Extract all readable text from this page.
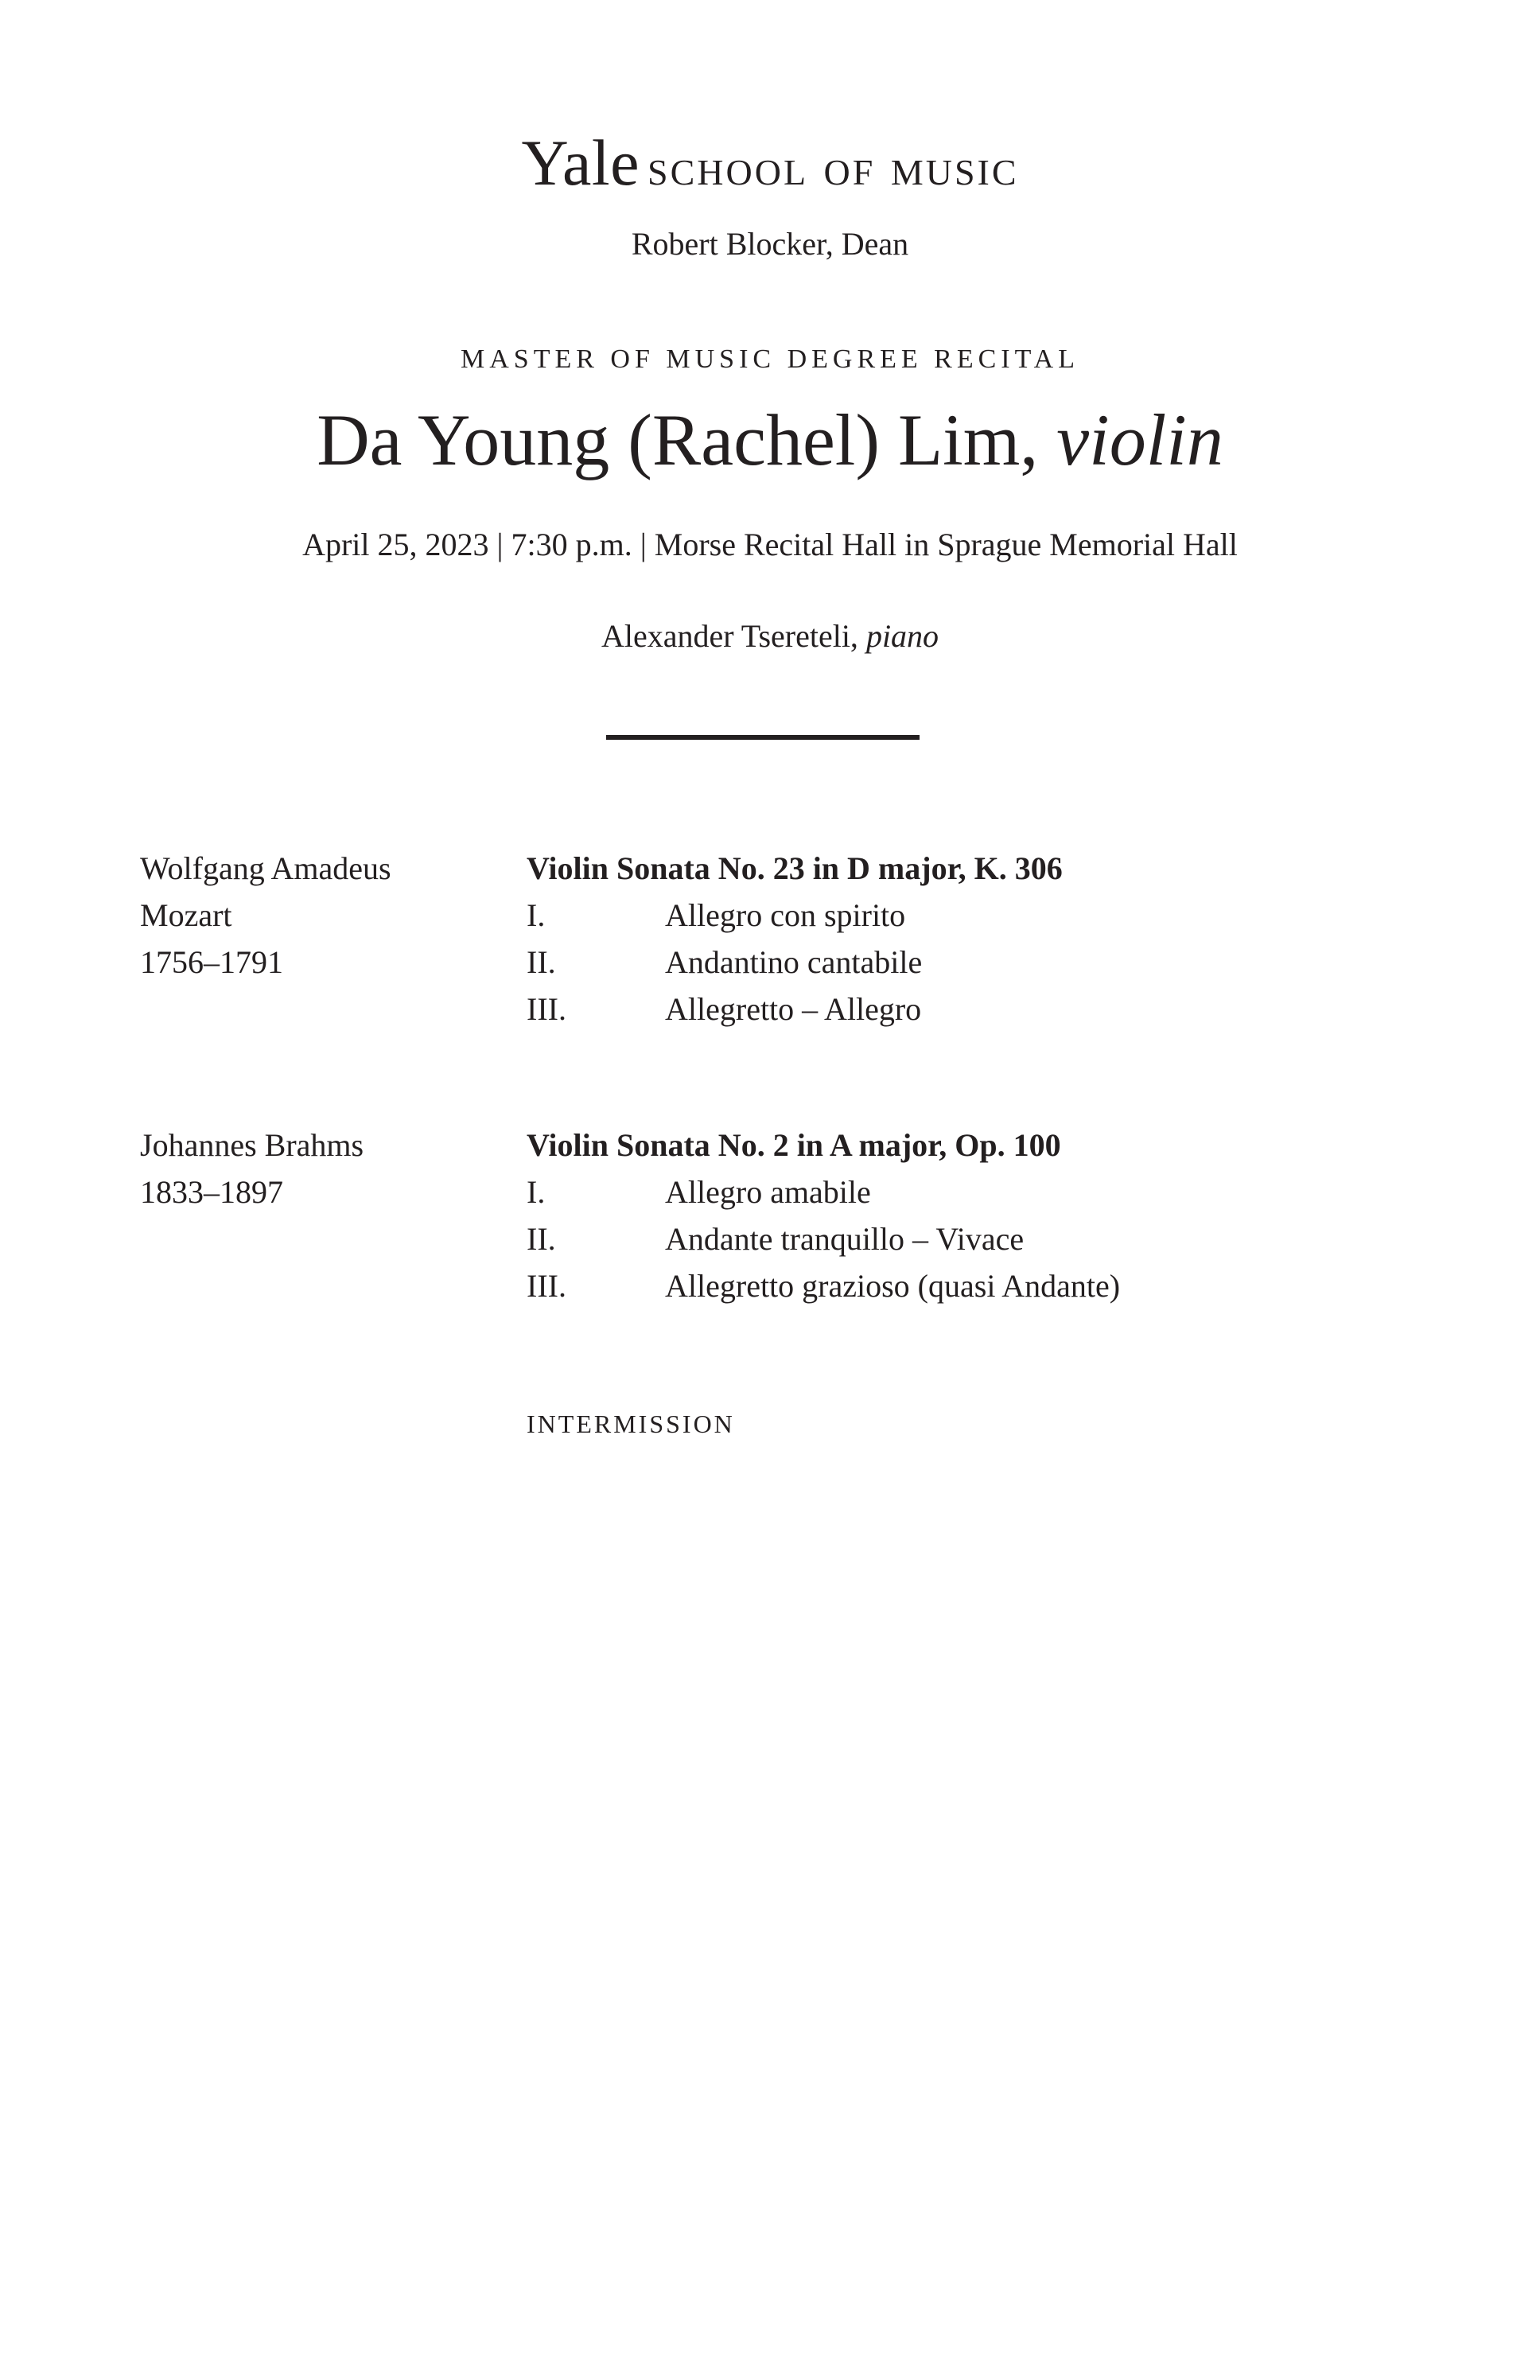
Yale school of music
Robert Blocker, Dean
MASTER OF MUSIC DEGREE RECITAL
Da Young (Rachel) Lim, violin
April 25, 2023 | 7:30 p.m. | Morse Recital Hall in Sprague Memorial Hall
Alexander Tsereteli, piano
Wolfgang Amadeus
Mozart
1756–1791
Violin Sonata No. 23 in D major, K. 306
I.	Allegro con spirito
II.	Andantino cantabile
III.	Allegretto – Allegro
Johannes Brahms
1833–1897
Violin Sonata No. 2 in A major, Op. 100
I.	Allegro amabile
II.	Andante tranquillo – Vivace
III.	Allegretto grazioso (quasi Andante)
INTERMISSION
